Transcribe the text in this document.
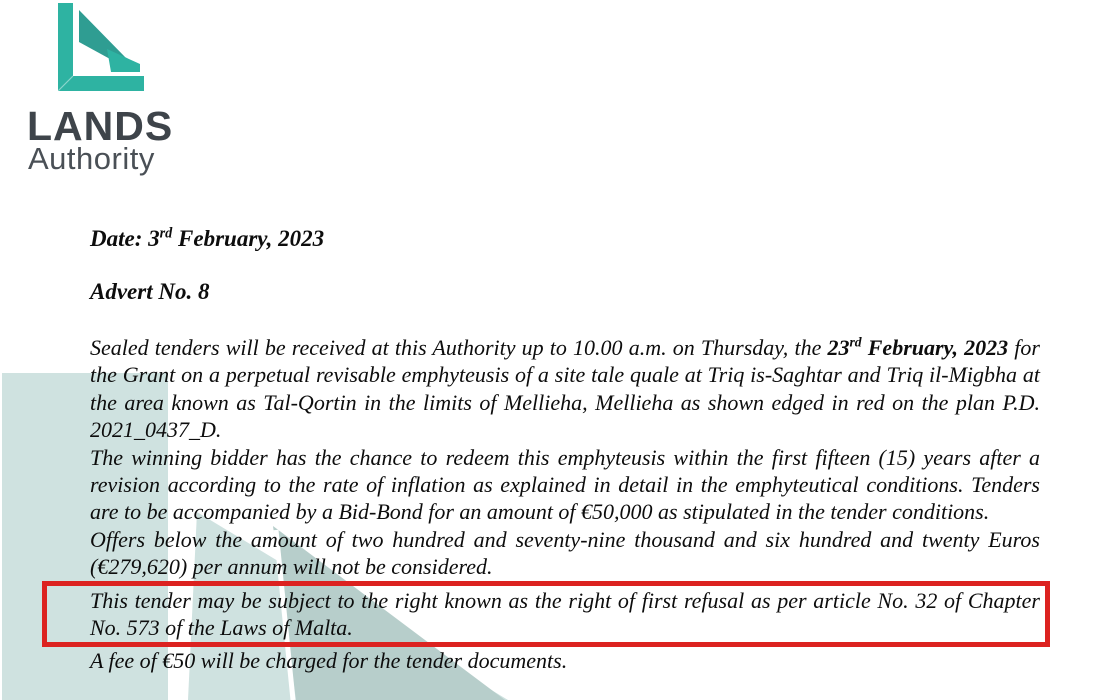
LANDS
Authority
Date: 3rd February, 2023
Advert No. 8

Sealed tenders will be received at this Authority up to 10.00 a.m. on Thursday, the 23rd February, 2023 for the Grant on a perpetual revisable emphyteusis of a site tale quale at Triq is-Saghtar and Triq il-Migbha at the area known as Tal-Qortin in the limits of Mellieha, Mellieha as shown edged in red on the plan P.D. 2021_0437_D.

The winning bidder has the chance to redeem this emphyteusis within the first fifteen (15) years after a revision according to the rate of inflation as explained in detail in the emphyteutical conditions. Tenders are to be accompanied by a Bid-Bond for an amount of €50,000 as stipulated in the tender conditions.

Offers below the amount of two hundred and seventy-nine thousand and six hundred and twenty Euros (€279,620) per annum will not be considered.

This tender may be subject to the right known as the right of first refusal as per article No. 32 of Chapter No. 573 of the Laws of Malta.

A fee of €50 will be charged for the tender documents.
